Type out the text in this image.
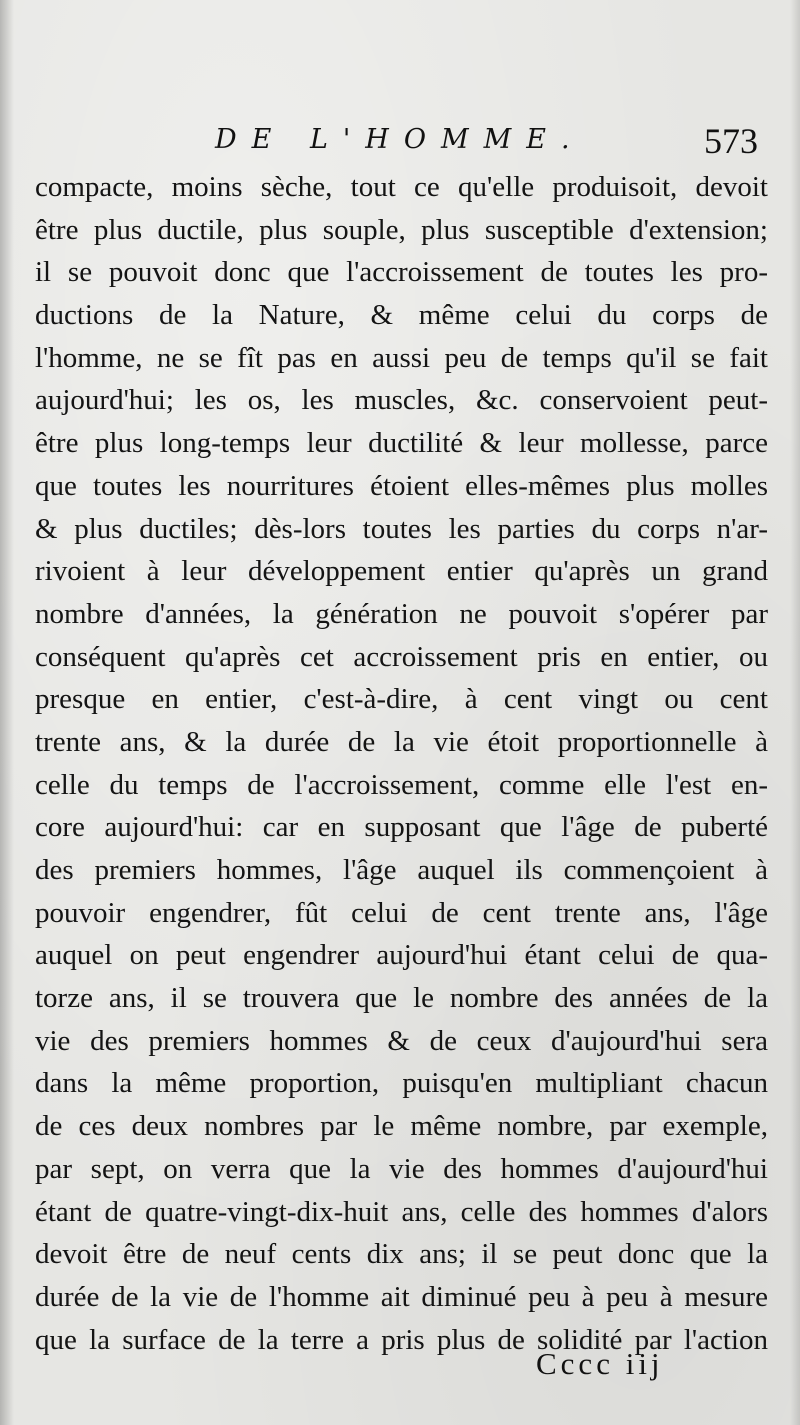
DE L'HOMME.	573
compacte, moins sèche, tout ce qu'elle produisoit, devoit
être plus ductile, plus souple, plus susceptible d'extension;
il se pouvoit donc que l'accroissement de toutes les pro-
ductions de la Nature, & même celui du corps de
l'homme, ne se fît pas en aussi peu de temps qu'il se fait
aujourd'hui; les os, les muscles, &c. conservoient peut-
être plus long-temps leur ductilité & leur mollesse, parce
que toutes les nourritures étoient elles-mêmes plus molles
& plus ductiles; dès-lors toutes les parties du corps n'ar-
rivoient à leur développement entier qu'après un grand
nombre d'années, la génération ne pouvoit s'opérer par
conséquent qu'après cet accroissement pris en entier, ou
presque en entier, c'est-à-dire, à cent vingt ou cent
trente ans, & la durée de la vie étoit proportionnelle à
celle du temps de l'accroissement, comme elle l'est en-
core aujourd'hui: car en supposant que l'âge de puberté
des premiers hommes, l'âge auquel ils commençoient à
pouvoir engendrer, fût celui de cent trente ans, l'âge
auquel on peut engendrer aujourd'hui étant celui de qua-
torze ans, il se trouvera que le nombre des années de la
vie des premiers hommes & de ceux d'aujourd'hui sera
dans la même proportion, puisqu'en multipliant chacun
de ces deux nombres par le même nombre, par exemple,
par sept, on verra que la vie des hommes d'aujourd'hui
étant de quatre-vingt-dix-huit ans, celle des hommes d'alors
devoit être de neuf cents dix ans; il se peut donc que la
durée de la vie de l'homme ait diminué peu à peu à mesure
que la surface de la terre a pris plus de solidité par l'action
Cccc iij
